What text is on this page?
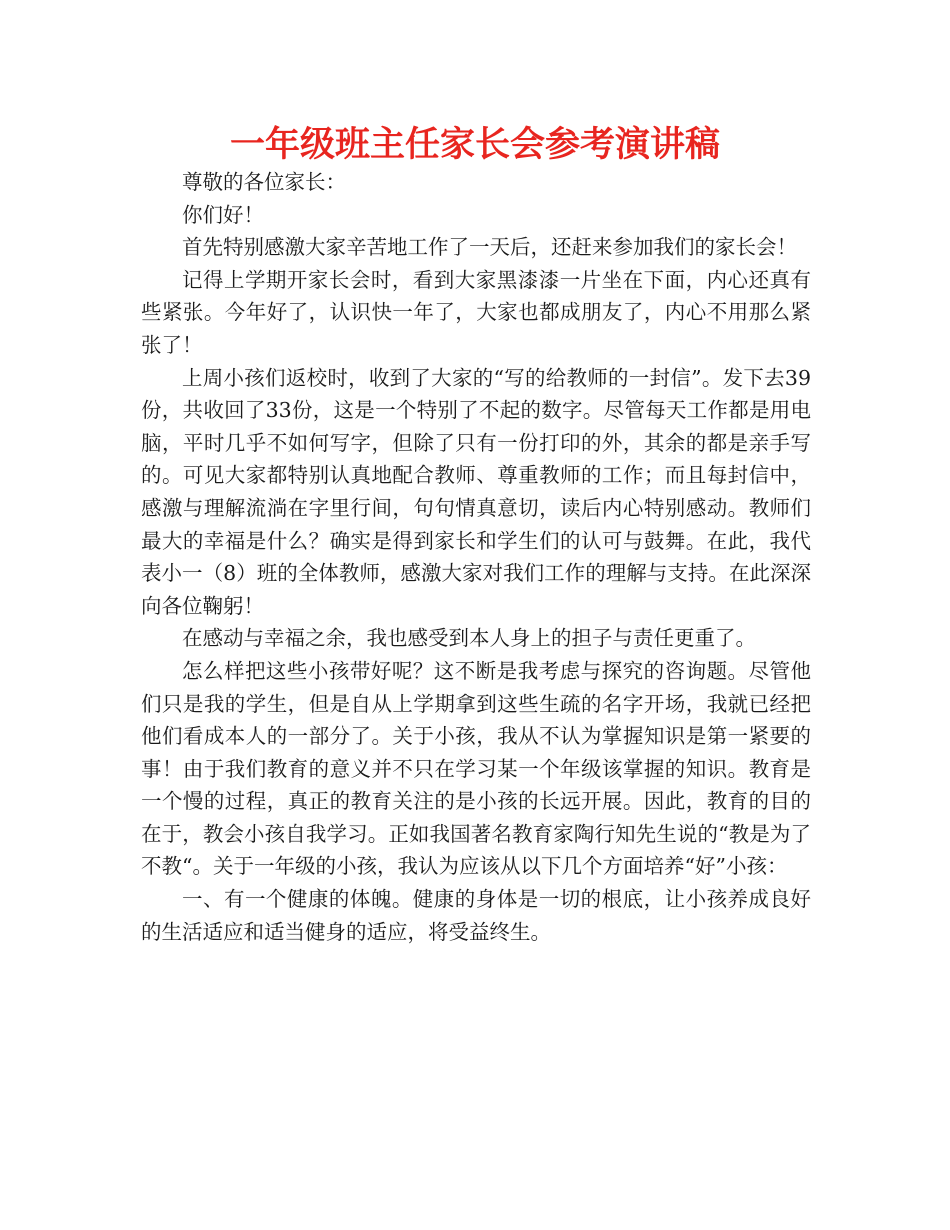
一年级班主任家长会参考演讲稿

尊敬的各位家长：

你们好！

首先特别感激大家辛苦地工作了一天后，还赶来参加我们的家长会！

记得上学期开家长会时，看到大家黑漆漆一片坐在下面，内心还真有些紧张。今年好了，认识快一年了，大家也都成朋友了，内心不用那么紧张了！

上周小孩们返校时，收到了大家的“写的给教师的一封信”。发下去39份，共收回了33份，这是一个特别了不起的数字。尽管每天工作都是用电脑，平时几乎不如何写字，但除了只有一份打印的外，其余的都是亲手写的。可见大家都特别认真地配合教师、尊重教师的工作；而且每封信中，感激与理解流淌在字里行间，句句情真意切，读后内心特别感动。教师们最大的幸福是什么？确实是得到家长和学生们的认可与鼓舞。在此，我代表小一（8）班的全体教师，感激大家对我们工作的理解与支持。在此深深向各位鞠躬！

在感动与幸福之余，我也感受到本人身上的担子与责任更重了。

怎么样把这些小孩带好呢？这不断是我考虑与探究的咨询题。尽管他们只是我的学生，但是自从上学期拿到这些生疏的名字开场，我就已经把他们看成本人的一部分了。关于小孩，我从不认为掌握知识是第一紧要的事！由于我们教育的意义并不只在学习某一个年级该掌握的知识。教育是一个慢的过程，真正的教育关注的是小孩的长远开展。因此，教育的目的在于，教会小孩自我学习。正如我国著名教育家陶行知先生说的“教是为了不教“。关于一年级的小孩，我认为应该从以下几个方面培养“好”小孩：

一、有一个健康的体魄。健康的身体是一切的根底，让小孩养成良好的生活适应和适当健身的适应，将受益终生。
